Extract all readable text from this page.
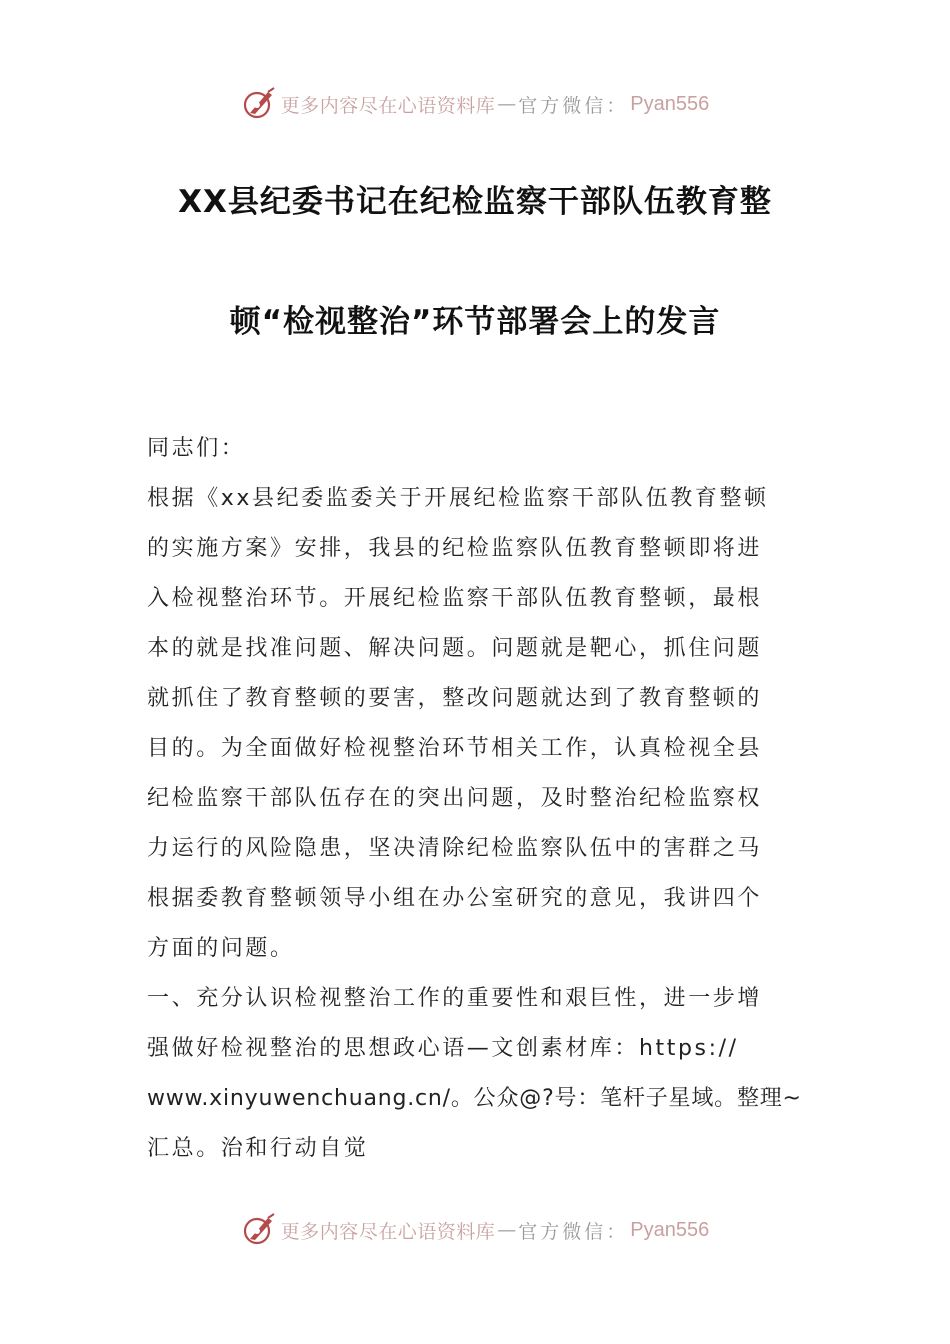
更多内容尽在心语资料库 — 官方微信： Pyan556
XX县纪委书记在纪检监察干部队伍教育整
顿“检视整治”环节部署会上的发言
同志们：
根据《xx县纪委监委关于开展纪检监察干部队伍教育整顿
的实施方案》安排，我县的纪检监察队伍教育整顿即将进
入检视整治环节。开展纪检监察干部队伍教育整顿，最根
本的就是找准问题、解决问题。问题就是靶心，抓住问题
就抓住了教育整顿的要害，整改问题就达到了教育整顿的
目的。为全面做好检视整治环节相关工作，认真检视全县
纪检监察干部队伍存在的突出问题，及时整治纪检监察权
力运行的风险隐患，坚决清除纪检监察队伍中的害群之马
根据委教育整顿领导小组在办公室研究的意见，我讲四个
方面的问题。
一、充分认识检视整治工作的重要性和艰巨性，进一步增
强做好检视整治的思想政心语—文创素材库：https://
www.xinyuwenchuang.cn/。公众@?号：笔杆子星域。整理~
汇总。治和行动自觉
更多内容尽在心语资料库 — 官方微信： Pyan556
